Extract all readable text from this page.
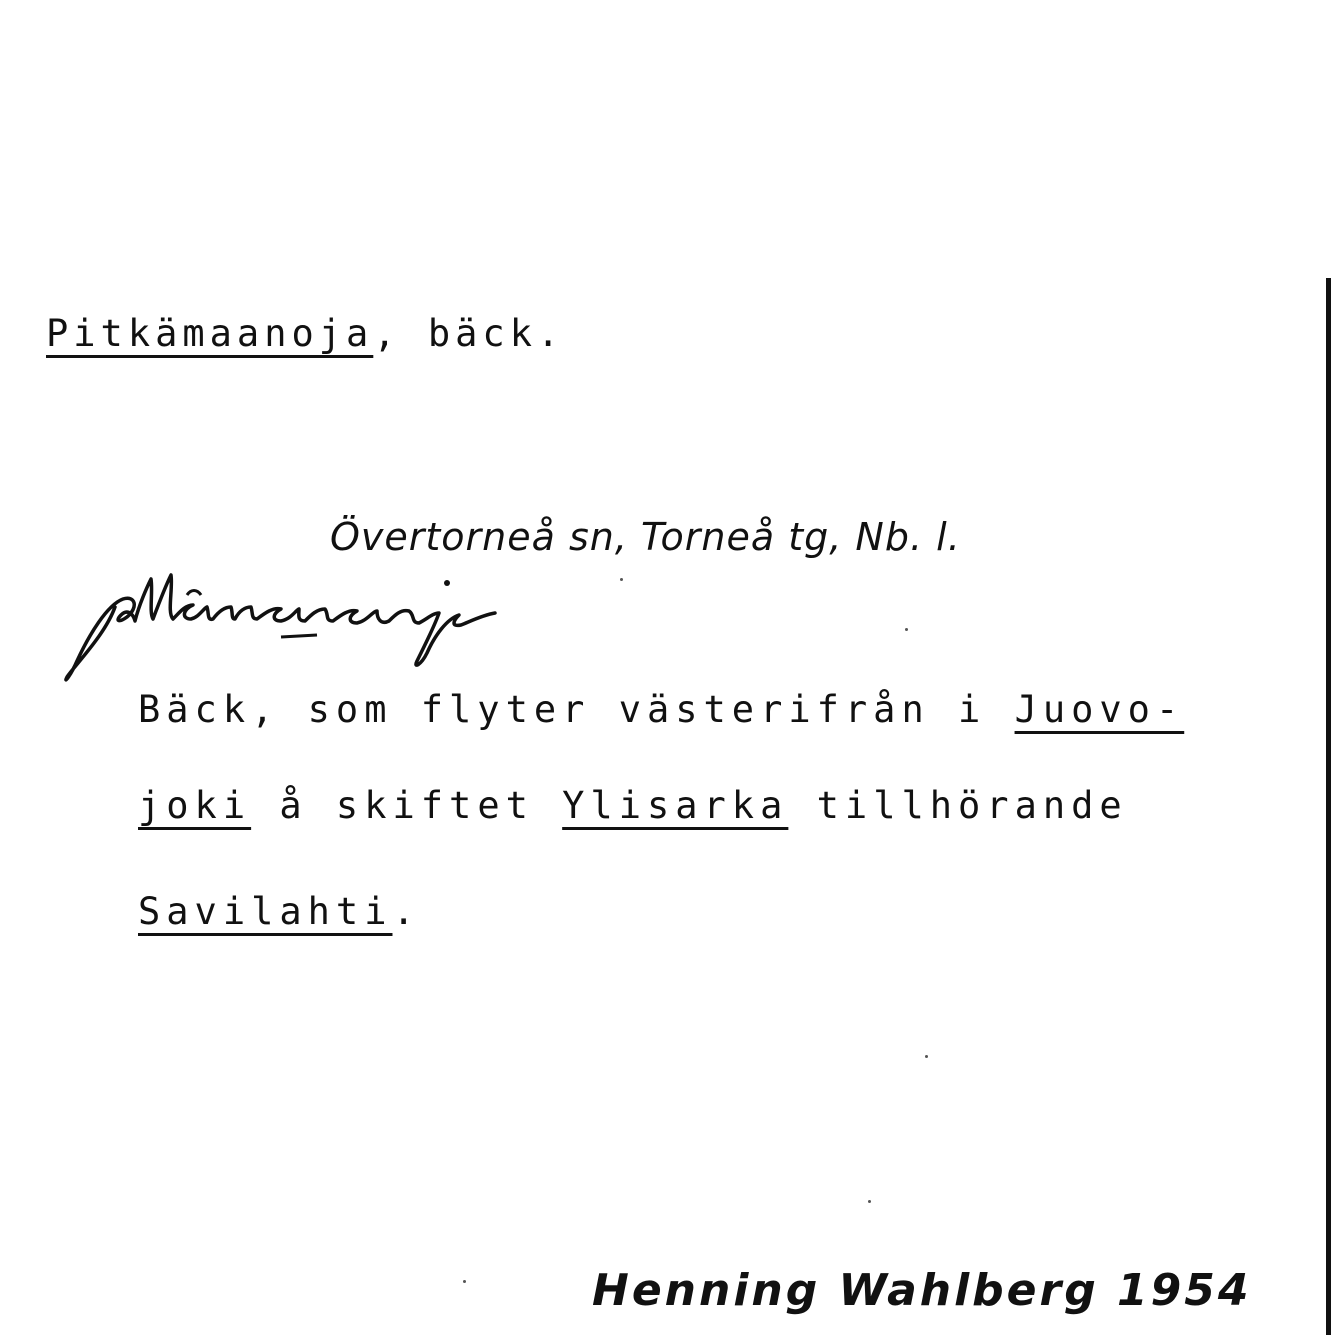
Pitkämaanoja, bäck.
Övertorneå sn, Torneå tg, Nb. l.
Bäck, som flyter västerifrån i Juovo-
joki å skiftet Ylisarka tillhörande
Savilahti.
Henning Wahlberg 1954
